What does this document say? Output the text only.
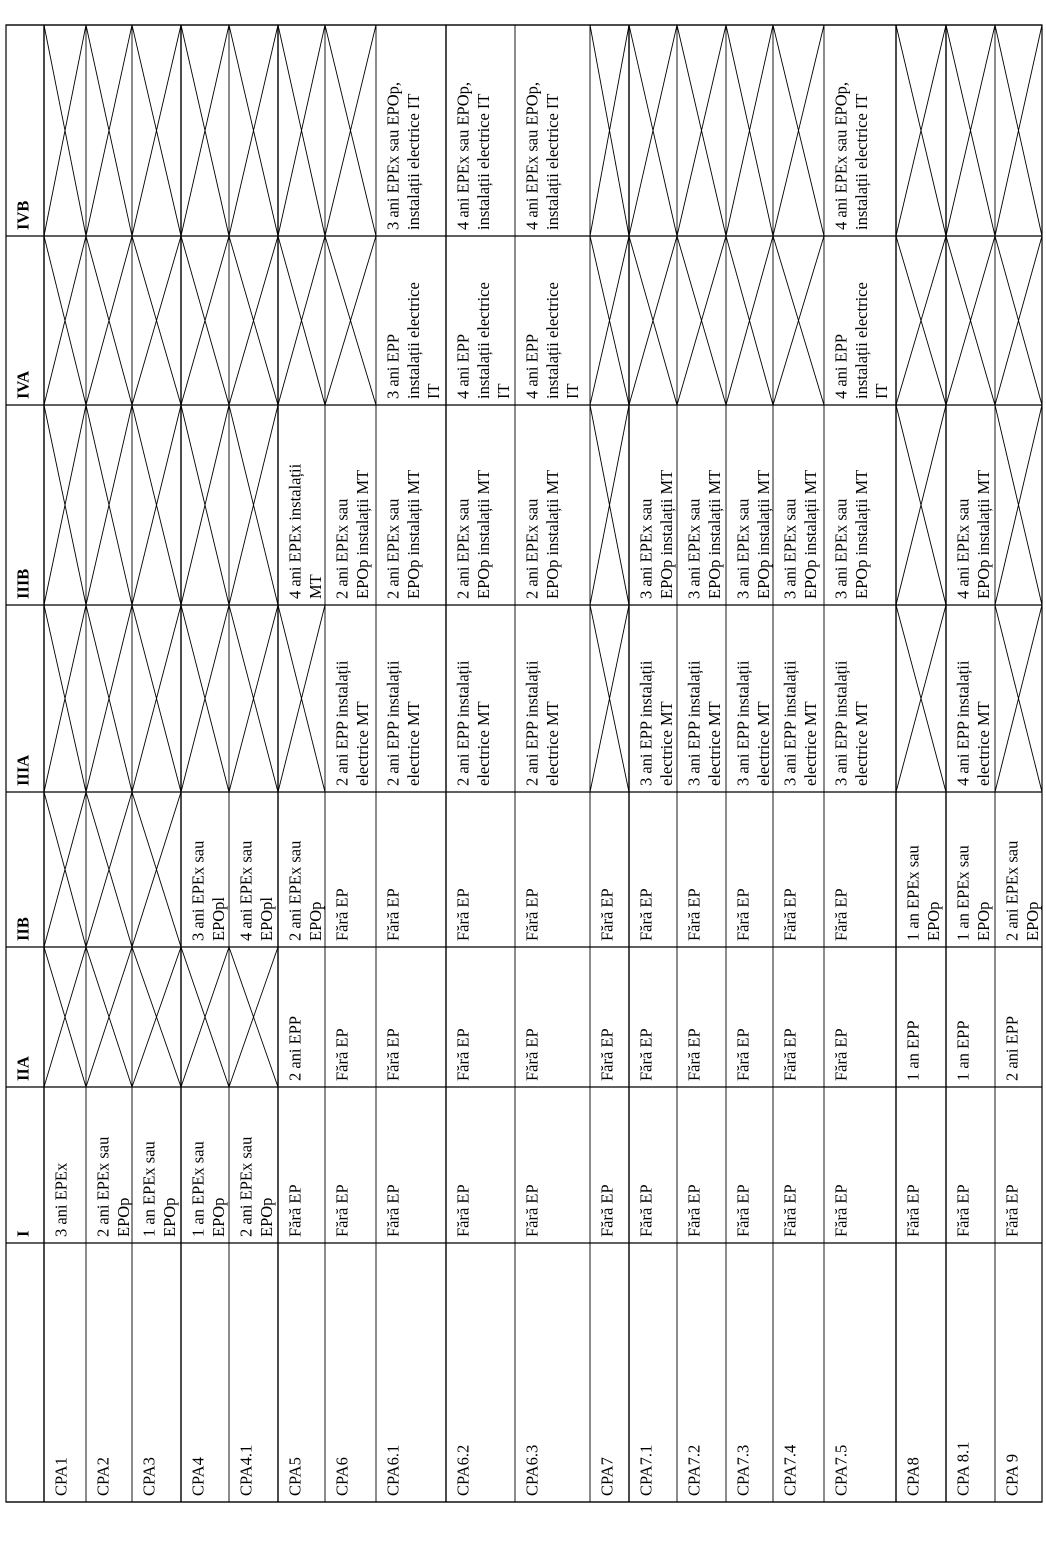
I
IIA
IIB
IIIA
IIIB
IVA
IVB
CPA1
3 ani EPEx
CPA2
2 ani EPEx sau EPOp
CPA3
1 an EPEx sau EPOp
CPA4
1 an EPEx sau EPOp
3 ani EPEx sau EPOpl
CPA4.1
2 ani EPEx sau EPOp
4 ani EPEx sau EPOpl
CPA5
Fără EP
2 ani EPP
2 ani EPEx sau EPOp
4 ani EPEx instalații MT
CPA6
Fără EP
Fără EP
Fără EP
2 ani EPP instalații electrice MT
2 ani EPEx sau EPOp instalații MT
CPA6.1
Fără EP
Fără EP
Fără EP
2 ani EPP instalații electrice MT
2 ani EPEx sau EPOp instalații MT
3 ani EPP instalații electrice IT
3 ani EPEx sau EPOp, instalații electrice IT
CPA6.2
Fără EP
Fără EP
Fără EP
2 ani EPP instalații electrice MT
2 ani EPEx sau EPOp instalații MT
4 ani EPP instalații electrice IT
4 ani EPEx sau EPOp, instalații electrice IT
CPA6.3
Fără EP
Fără EP
Fără EP
2 ani EPP instalații electrice MT
2 ani EPEx sau EPOp instalații MT
4 ani EPP instalații electrice IT
4 ani EPEx sau EPOp, instalații electrice IT
CPA7
Fără EP
Fără EP
Fără EP
CPA7.1
Fără EP
Fără EP
Fără EP
3 ani EPP instalații electrice MT
3 ani EPEx sau EPOp instalații MT
CPA7.2
Fără EP
Fără EP
Fără EP
3 ani EPP instalații electrice MT
3 ani EPEx sau EPOp instalații MT
CPA7.3
Fără EP
Fără EP
Fără EP
3 ani EPP instalații electrice MT
3 ani EPEx sau EPOp instalații MT
CPA7.4
Fără EP
Fără EP
Fără EP
3 ani EPP instalații electrice MT
3 ani EPEx sau EPOp instalații MT
CPA7.5
Fără EP
Fără EP
Fără EP
3 ani EPP instalații electrice MT
3 ani EPEx sau EPOp instalații MT
4 ani EPP instalații electrice IT
4 ani EPEx sau EPOp, instalații electrice IT
CPA8
Fără EP
1 an EPP
1 an EPEx sau EPOp
CPA 8.1
Fără EP
1 an EPP
1 an EPEx sau EPOp
4 ani EPP instalații electrice MT
4 ani EPEx sau EPOp instalații MT
CPA 9
Fără EP
2 ani EPP
2 ani EPEx sau EPOp
